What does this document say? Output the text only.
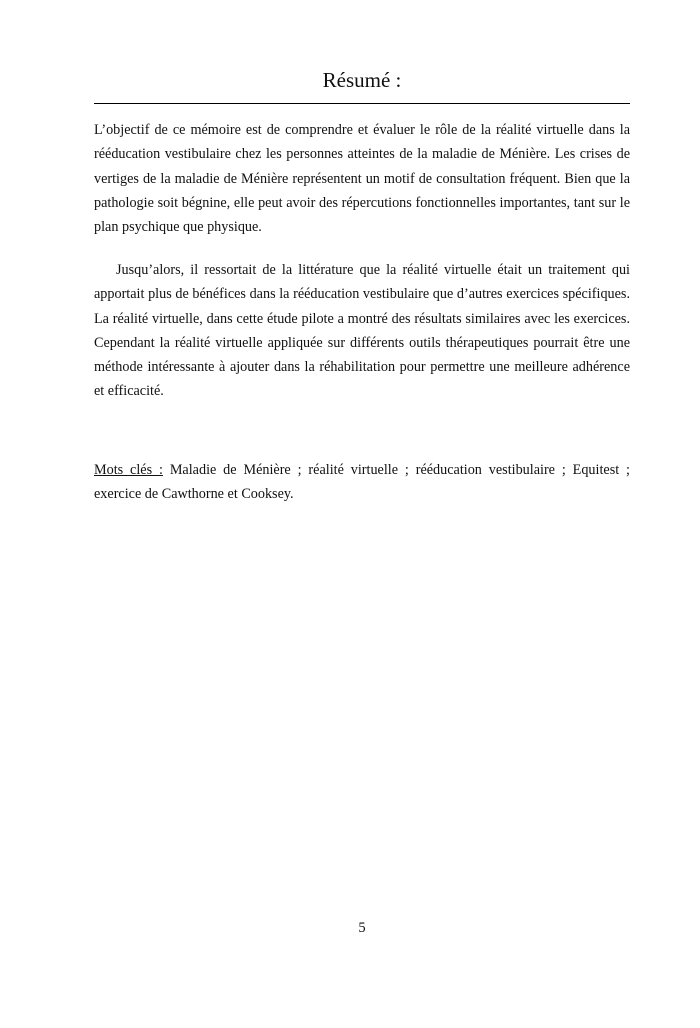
Résumé :

L’objectif de ce mémoire est de comprendre et évaluer le rôle de la réalité virtuelle dans la rééducation vestibulaire chez les personnes atteintes de la maladie de Ménière. Les crises de vertiges de la maladie de Ménière représentent un motif de consultation fréquent. Bien que la pathologie soit bégnine, elle peut avoir des répercutions fonctionnelles importantes, tant sur le plan psychique que physique.

Jusqu’alors, il ressortait de la littérature que la réalité virtuelle était un traitement qui apportait plus de bénéfices dans la rééducation vestibulaire que d’autres exercices spécifiques. La réalité virtuelle, dans cette étude pilote a montré des résultats similaires avec les exercices. Cependant la réalité virtuelle appliquée sur différents outils thérapeutiques pourrait être une méthode intéressante à ajouter dans la réhabilitation pour permettre une meilleure adhérence et efficacité.

Mots clés : Maladie de Ménière ; réalité virtuelle ; rééducation vestibulaire ; Equitest ; exercice de Cawthorne et Cooksey.

5
